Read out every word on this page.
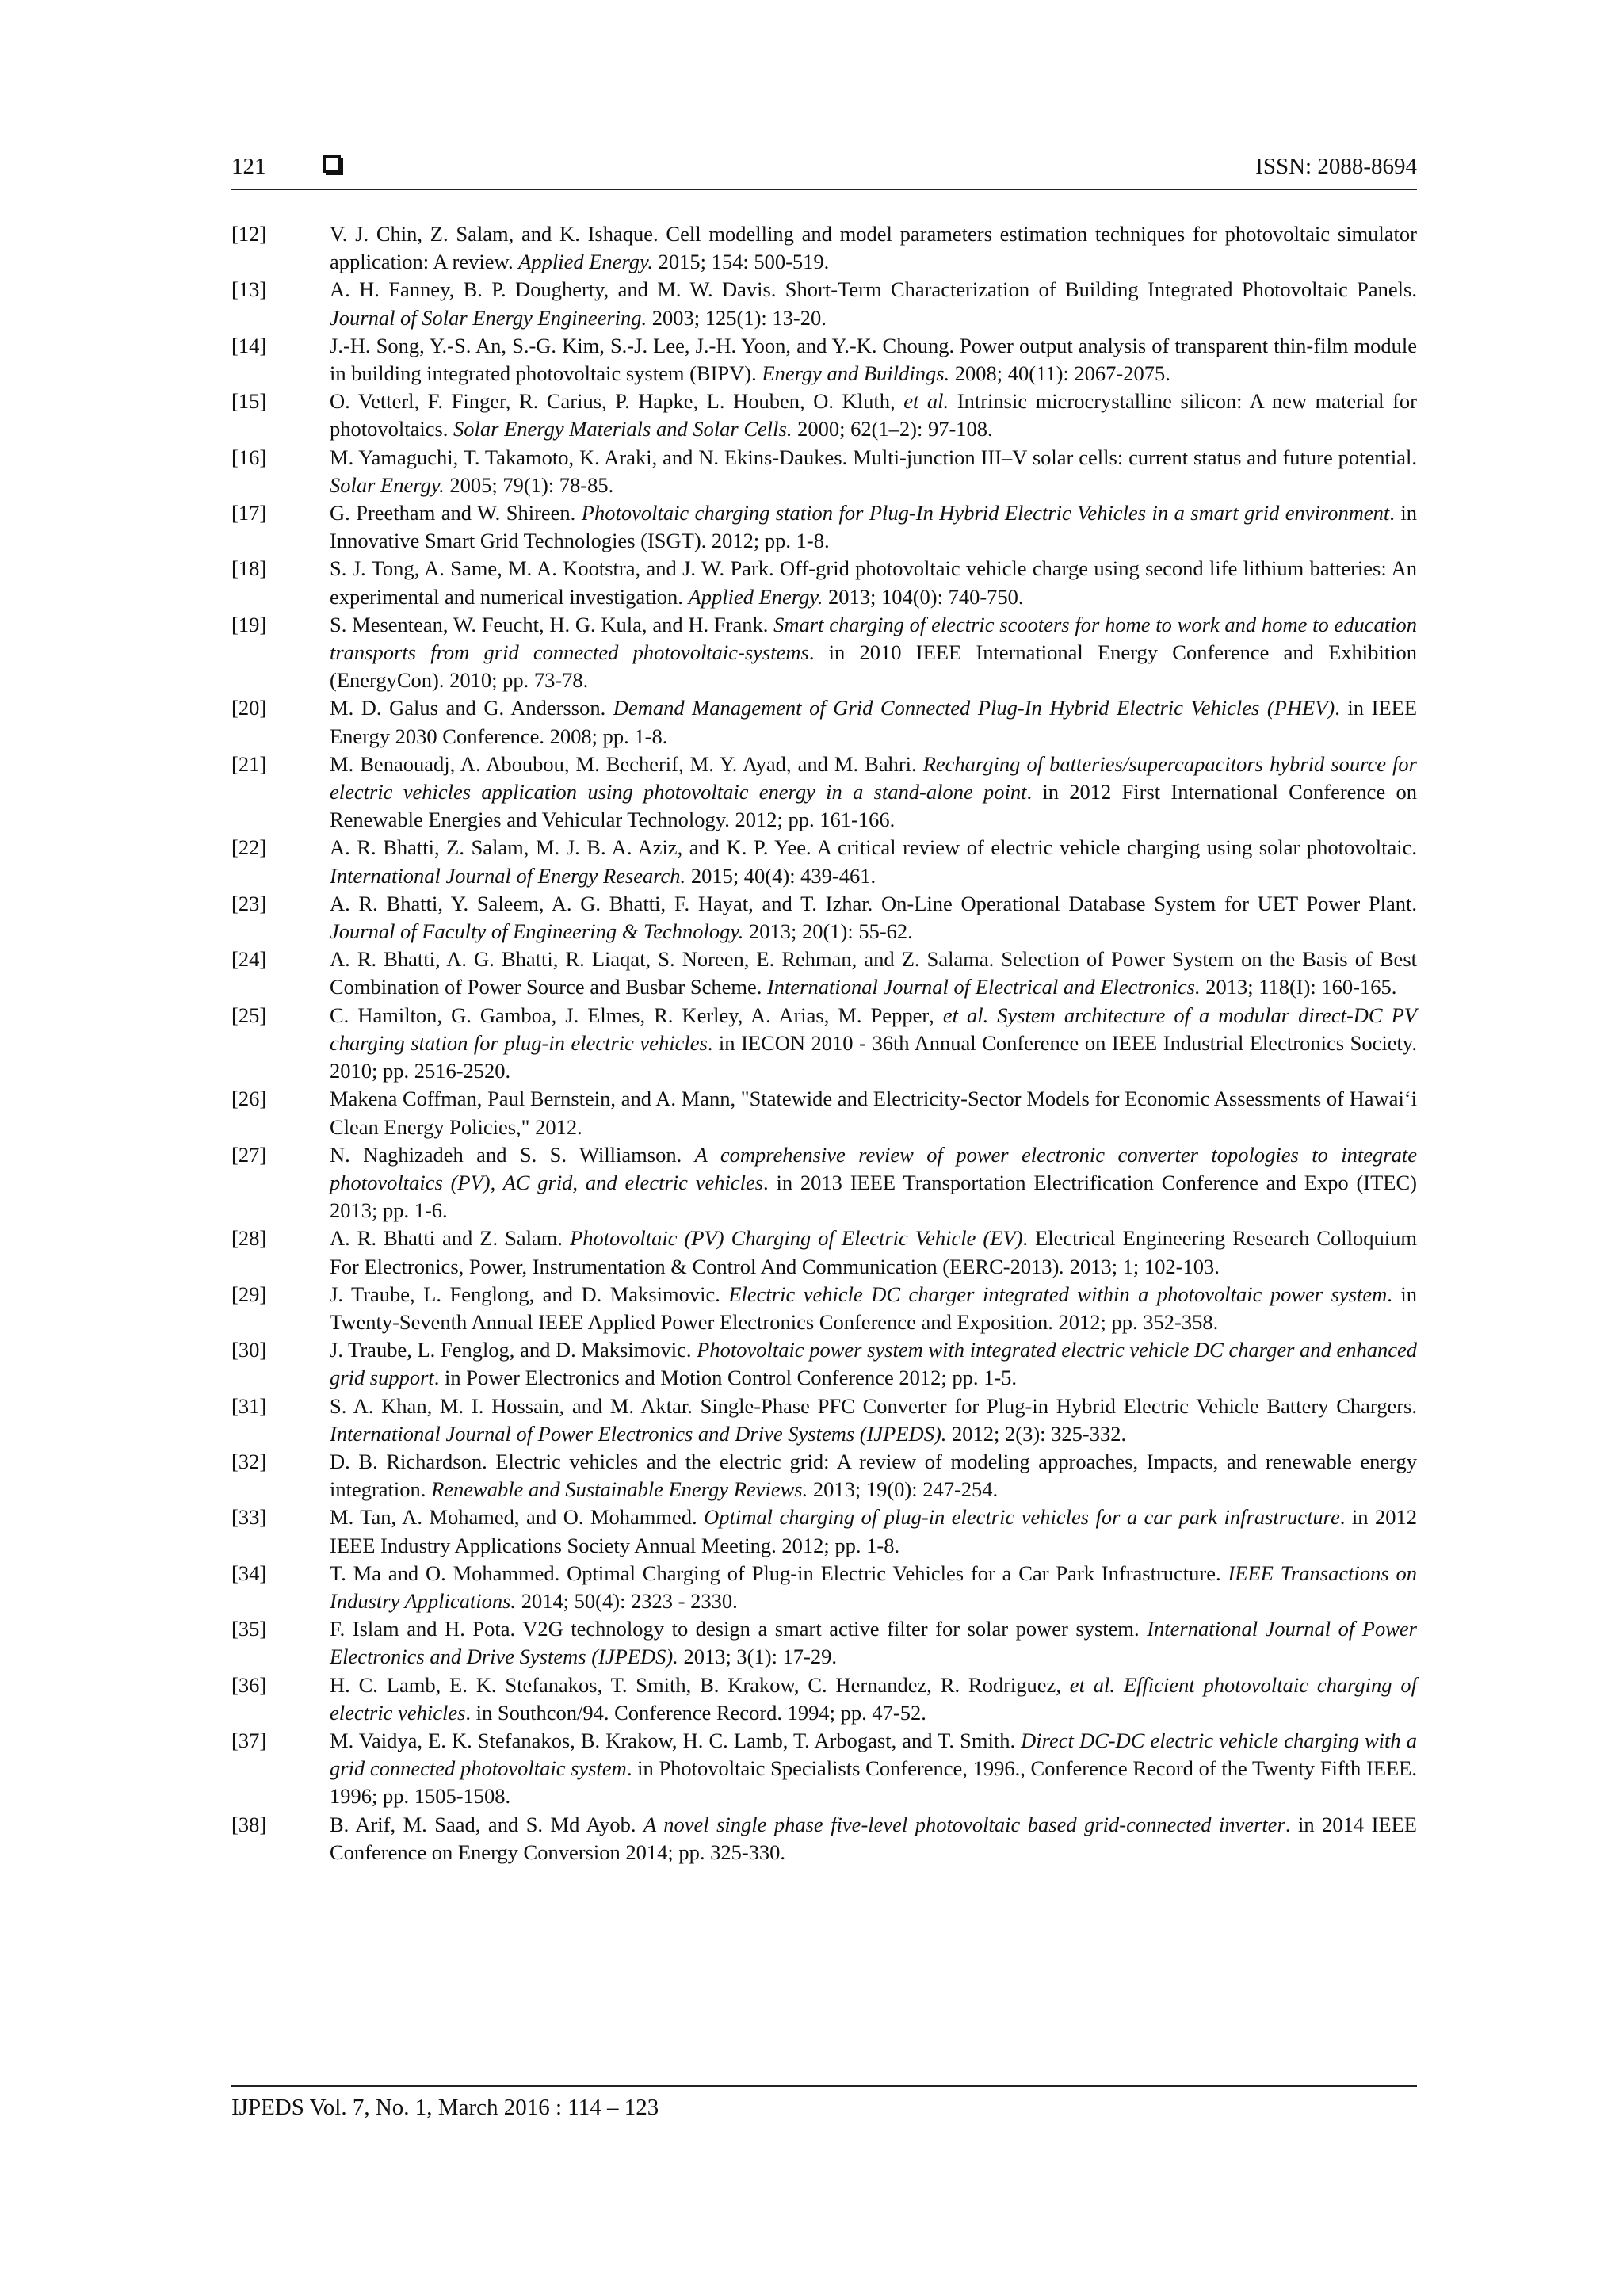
121	ISSN: 2088-8694
[12]	V. J. Chin, Z. Salam, and K. Ishaque. Cell modelling and model parameters estimation techniques for photovoltaic simulator application: A review. Applied Energy. 2015; 154: 500-519.
[13]	A. H. Fanney, B. P. Dougherty, and M. W. Davis. Short-Term Characterization of Building Integrated Photovoltaic Panels. Journal of Solar Energy Engineering. 2003; 125(1): 13-20.
[14]	J.-H. Song, Y.-S. An, S.-G. Kim, S.-J. Lee, J.-H. Yoon, and Y.-K. Choung. Power output analysis of transparent thin-film module in building integrated photovoltaic system (BIPV). Energy and Buildings. 2008; 40(11): 2067-2075.
[15]	O. Vetterl, F. Finger, R. Carius, P. Hapke, L. Houben, O. Kluth, et al. Intrinsic microcrystalline silicon: A new material for photovoltaics. Solar Energy Materials and Solar Cells. 2000; 62(1–2): 97-108.
[16]	M. Yamaguchi, T. Takamoto, K. Araki, and N. Ekins-Daukes. Multi-junction III–V solar cells: current status and future potential. Solar Energy. 2005; 79(1): 78-85.
[17]	G. Preetham and W. Shireen. Photovoltaic charging station for Plug-In Hybrid Electric Vehicles in a smart grid environment. in Innovative Smart Grid Technologies (ISGT). 2012; pp. 1-8.
[18]	S. J. Tong, A. Same, M. A. Kootstra, and J. W. Park. Off-grid photovoltaic vehicle charge using second life lithium batteries: An experimental and numerical investigation. Applied Energy. 2013; 104(0): 740-750.
[19]	S. Mesentean, W. Feucht, H. G. Kula, and H. Frank. Smart charging of electric scooters for home to work and home to education transports from grid connected photovoltaic-systems. in 2010 IEEE International Energy Conference and Exhibition (EnergyCon). 2010; pp. 73-78.
[20]	M. D. Galus and G. Andersson. Demand Management of Grid Connected Plug-In Hybrid Electric Vehicles (PHEV). in IEEE Energy 2030 Conference. 2008; pp. 1-8.
[21]	M. Benaouadj, A. Aboubou, M. Becherif, M. Y. Ayad, and M. Bahri. Recharging of batteries/supercapacitors hybrid source for electric vehicles application using photovoltaic energy in a stand-alone point. in 2012 First International Conference on Renewable Energies and Vehicular Technology. 2012; pp. 161-166.
[22]	A. R. Bhatti, Z. Salam, M. J. B. A. Aziz, and K. P. Yee. A critical review of electric vehicle charging using solar photovoltaic. International Journal of Energy Research. 2015; 40(4): 439-461.
[23]	A. R. Bhatti, Y. Saleem, A. G. Bhatti, F. Hayat, and T. Izhar. On-Line Operational Database System for UET Power Plant. Journal of Faculty of Engineering & Technology. 2013; 20(1): 55-62.
[24]	A. R. Bhatti, A. G. Bhatti, R. Liaqat, S. Noreen, E. Rehman, and Z. Salama. Selection of Power System on the Basis of Best Combination of Power Source and Busbar Scheme. International Journal of Electrical and Electronics. 2013; 118(I): 160-165.
[25]	C. Hamilton, G. Gamboa, J. Elmes, R. Kerley, A. Arias, M. Pepper, et al. System architecture of a modular direct-DC PV charging station for plug-in electric vehicles. in IECON 2010 - 36th Annual Conference on IEEE Industrial Electronics Society. 2010; pp. 2516-2520.
[26]	Makena Coffman, Paul Bernstein, and A. Mann, "Statewide and Electricity-Sector Models for Economic Assessments of Hawai‘i Clean Energy Policies," 2012.
[27]	N. Naghizadeh and S. S. Williamson. A comprehensive review of power electronic converter topologies to integrate photovoltaics (PV), AC grid, and electric vehicles. in 2013 IEEE Transportation Electrification Conference and Expo (ITEC) 2013; pp. 1-6.
[28]	A. R. Bhatti and Z. Salam. Photovoltaic (PV) Charging of Electric Vehicle (EV). Electrical Engineering Research Colloquium For Electronics, Power, Instrumentation & Control And Communication (EERC-2013). 2013; 1; 102-103.
[29]	J. Traube, L. Fenglong, and D. Maksimovic. Electric vehicle DC charger integrated within a photovoltaic power system. in Twenty-Seventh Annual IEEE Applied Power Electronics Conference and Exposition. 2012; pp. 352-358.
[30]	J. Traube, L. Fenglog, and D. Maksimovic. Photovoltaic power system with integrated electric vehicle DC charger and enhanced grid support. in Power Electronics and Motion Control Conference 2012; pp. 1-5.
[31]	S. A. Khan, M. I. Hossain, and M. Aktar. Single-Phase PFC Converter for Plug-in Hybrid Electric Vehicle Battery Chargers. International Journal of Power Electronics and Drive Systems (IJPEDS). 2012; 2(3): 325-332.
[32]	D. B. Richardson. Electric vehicles and the electric grid: A review of modeling approaches, Impacts, and renewable energy integration. Renewable and Sustainable Energy Reviews. 2013; 19(0): 247-254.
[33]	M. Tan, A. Mohamed, and O. Mohammed. Optimal charging of plug-in electric vehicles for a car park infrastructure. in 2012 IEEE Industry Applications Society Annual Meeting. 2012; pp. 1-8.
[34]	T. Ma and O. Mohammed. Optimal Charging of Plug-in Electric Vehicles for a Car Park Infrastructure. IEEE Transactions on Industry Applications. 2014; 50(4): 2323 - 2330.
[35]	F. Islam and H. Pota. V2G technology to design a smart active filter for solar power system. International Journal of Power Electronics and Drive Systems (IJPEDS). 2013; 3(1): 17-29.
[36]	H. C. Lamb, E. K. Stefanakos, T. Smith, B. Krakow, C. Hernandez, R. Rodriguez, et al. Efficient photovoltaic charging of electric vehicles. in Southcon/94. Conference Record. 1994; pp. 47-52.
[37]	M. Vaidya, E. K. Stefanakos, B. Krakow, H. C. Lamb, T. Arbogast, and T. Smith. Direct DC-DC electric vehicle charging with a grid connected photovoltaic system. in Photovoltaic Specialists Conference, 1996., Conference Record of the Twenty Fifth IEEE. 1996; pp. 1505-1508.
[38]	B. Arif, M. Saad, and S. Md Ayob. A novel single phase five-level photovoltaic based grid-connected inverter. in 2014 IEEE Conference on Energy Conversion 2014; pp. 325-330.
IJPEDS Vol. 7, No. 1, March 2016 : 114 – 123
